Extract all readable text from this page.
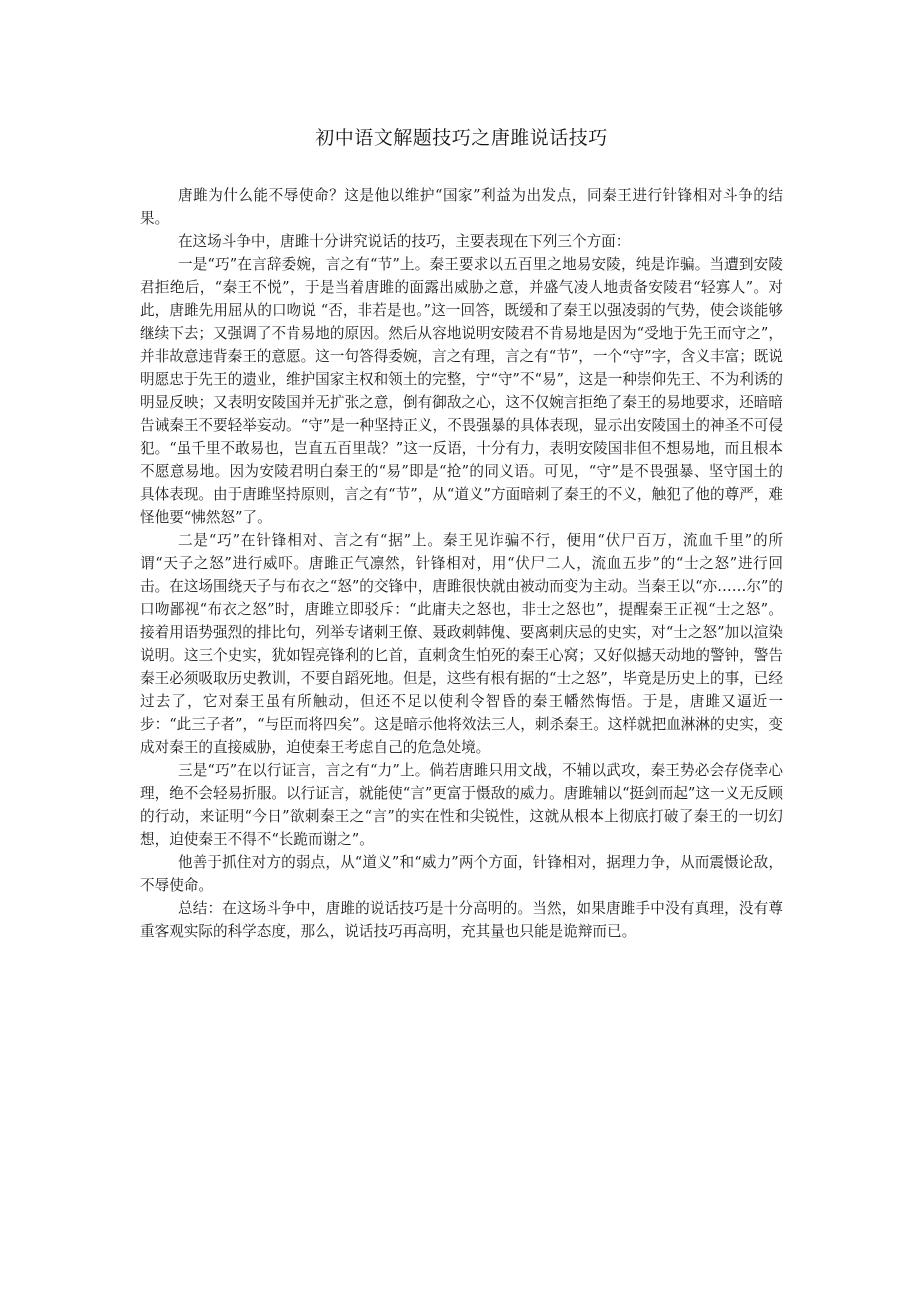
初中语文解题技巧之唐雎说话技巧

唐雎为什么能不辱使命？这是他以维护“国家”利益为出发点，同秦王进行针锋相对斗争的结果。

在这场斗争中，唐雎十分讲究说话的技巧，主要表现在下列三个方面：

一是“巧”在言辞委婉，言之有“节”上。秦王要求以五百里之地易安陵，纯是诈骗。当遭到安陵君拒绝后，“秦王不悦”，于是当着唐雎的面露出威胁之意，并盛气凌人地责备安陵君“轻寡人”。对此，唐雎先用屈从的口吻说 “否，非若是也。”这一回答，既缓和了秦王以强凌弱的气势，使会谈能够继续下去；又强调了不肯易地的原因。然后从容地说明安陵君不肯易地是因为“受地于先王而守之”，并非故意违背秦王的意愿。这一句答得委婉，言之有理，言之有“节”，一个“守”字，含义丰富；既说明愿忠于先王的遗业，维护国家主权和领土的完整，宁“守”不“易”，这是一种崇仰先王、不为利诱的明显反映；又表明安陵国并无扩张之意，倒有御敌之心，这不仅婉言拒绝了秦王的易地要求，还暗暗告诫秦王不要轻举妄动。“守”是一种坚持正义，不畏强暴的具体表现，显示出安陵国土的神圣不可侵犯。“虽千里不敢易也，岂直五百里哉？”这一反语，十分有力，表明安陵国非但不想易地，而且根本不愿意易地。因为安陵君明白秦王的“易”即是“抢”的同义语。可见，“守”是不畏强暴、坚守国土的具体表现。由于唐雎坚持原则，言之有“节”，从“道义”方面暗刺了秦王的不义，触犯了他的尊严，难怪他要“怫然怒”了。

二是“巧”在针锋相对、言之有“据”上。秦王见诈骗不行，便用“伏尸百万，流血千里”的所谓“天子之怒”进行威吓。唐雎正气凛然，针锋相对，用“伏尸二人，流血五步”的“士之怒”进行回击。在这场围绕天子与布衣之“怒”的交锋中，唐雎很快就由被动而变为主动。当秦王以“亦……尔”的口吻鄙视“布衣之怒”时，唐雎立即驳斥：“此庸夫之怒也，非士之怒也”，提醒秦王正视“士之怒”。接着用语势强烈的排比句，列举专诸刺王僚、聂政刺韩傀、要离刺庆忌的史实，对“士之怒”加以渲染说明。这三个史实，犹如锃亮锋利的匕首，直刺贪生怕死的秦王心窝；又好似撼天动地的警钟，警告秦王必须吸取历史教训，不要自蹈死地。但是，这些有根有据的“士之怒”，毕竟是历史上的事，已经过去了，它对秦王虽有所触动，但还不足以使利令智昏的秦王幡然悔悟。于是，唐雎又逼近一步：“此三子者”，“与臣而将四矣”。这是暗示他将效法三人，刺杀秦王。这样就把血淋淋的史实，变成对秦王的直接威胁，迫使秦王考虑自己的危急处境。

三是“巧”在以行证言，言之有“力”上。倘若唐雎只用文战，不辅以武攻，秦王势必会存侥幸心理，绝不会轻易折服。以行证言，就能使“言”更富于慑敌的威力。唐雎辅以“挺剑而起”这一义无反顾的行动，来证明“今日”欲刺秦王之“言”的实在性和尖锐性，这就从根本上彻底打破了秦王的一切幻想，迫使秦王不得不“长跪而谢之”。

他善于抓住对方的弱点，从“道义”和“威力”两个方面，针锋相对，据理力争，从而震慑论敌，不辱使命。

总结：在这场斗争中，唐雎的说话技巧是十分高明的。当然，如果唐雎手中没有真理，没有尊重客观实际的科学态度，那么，说话技巧再高明，充其量也只能是诡辩而已。
